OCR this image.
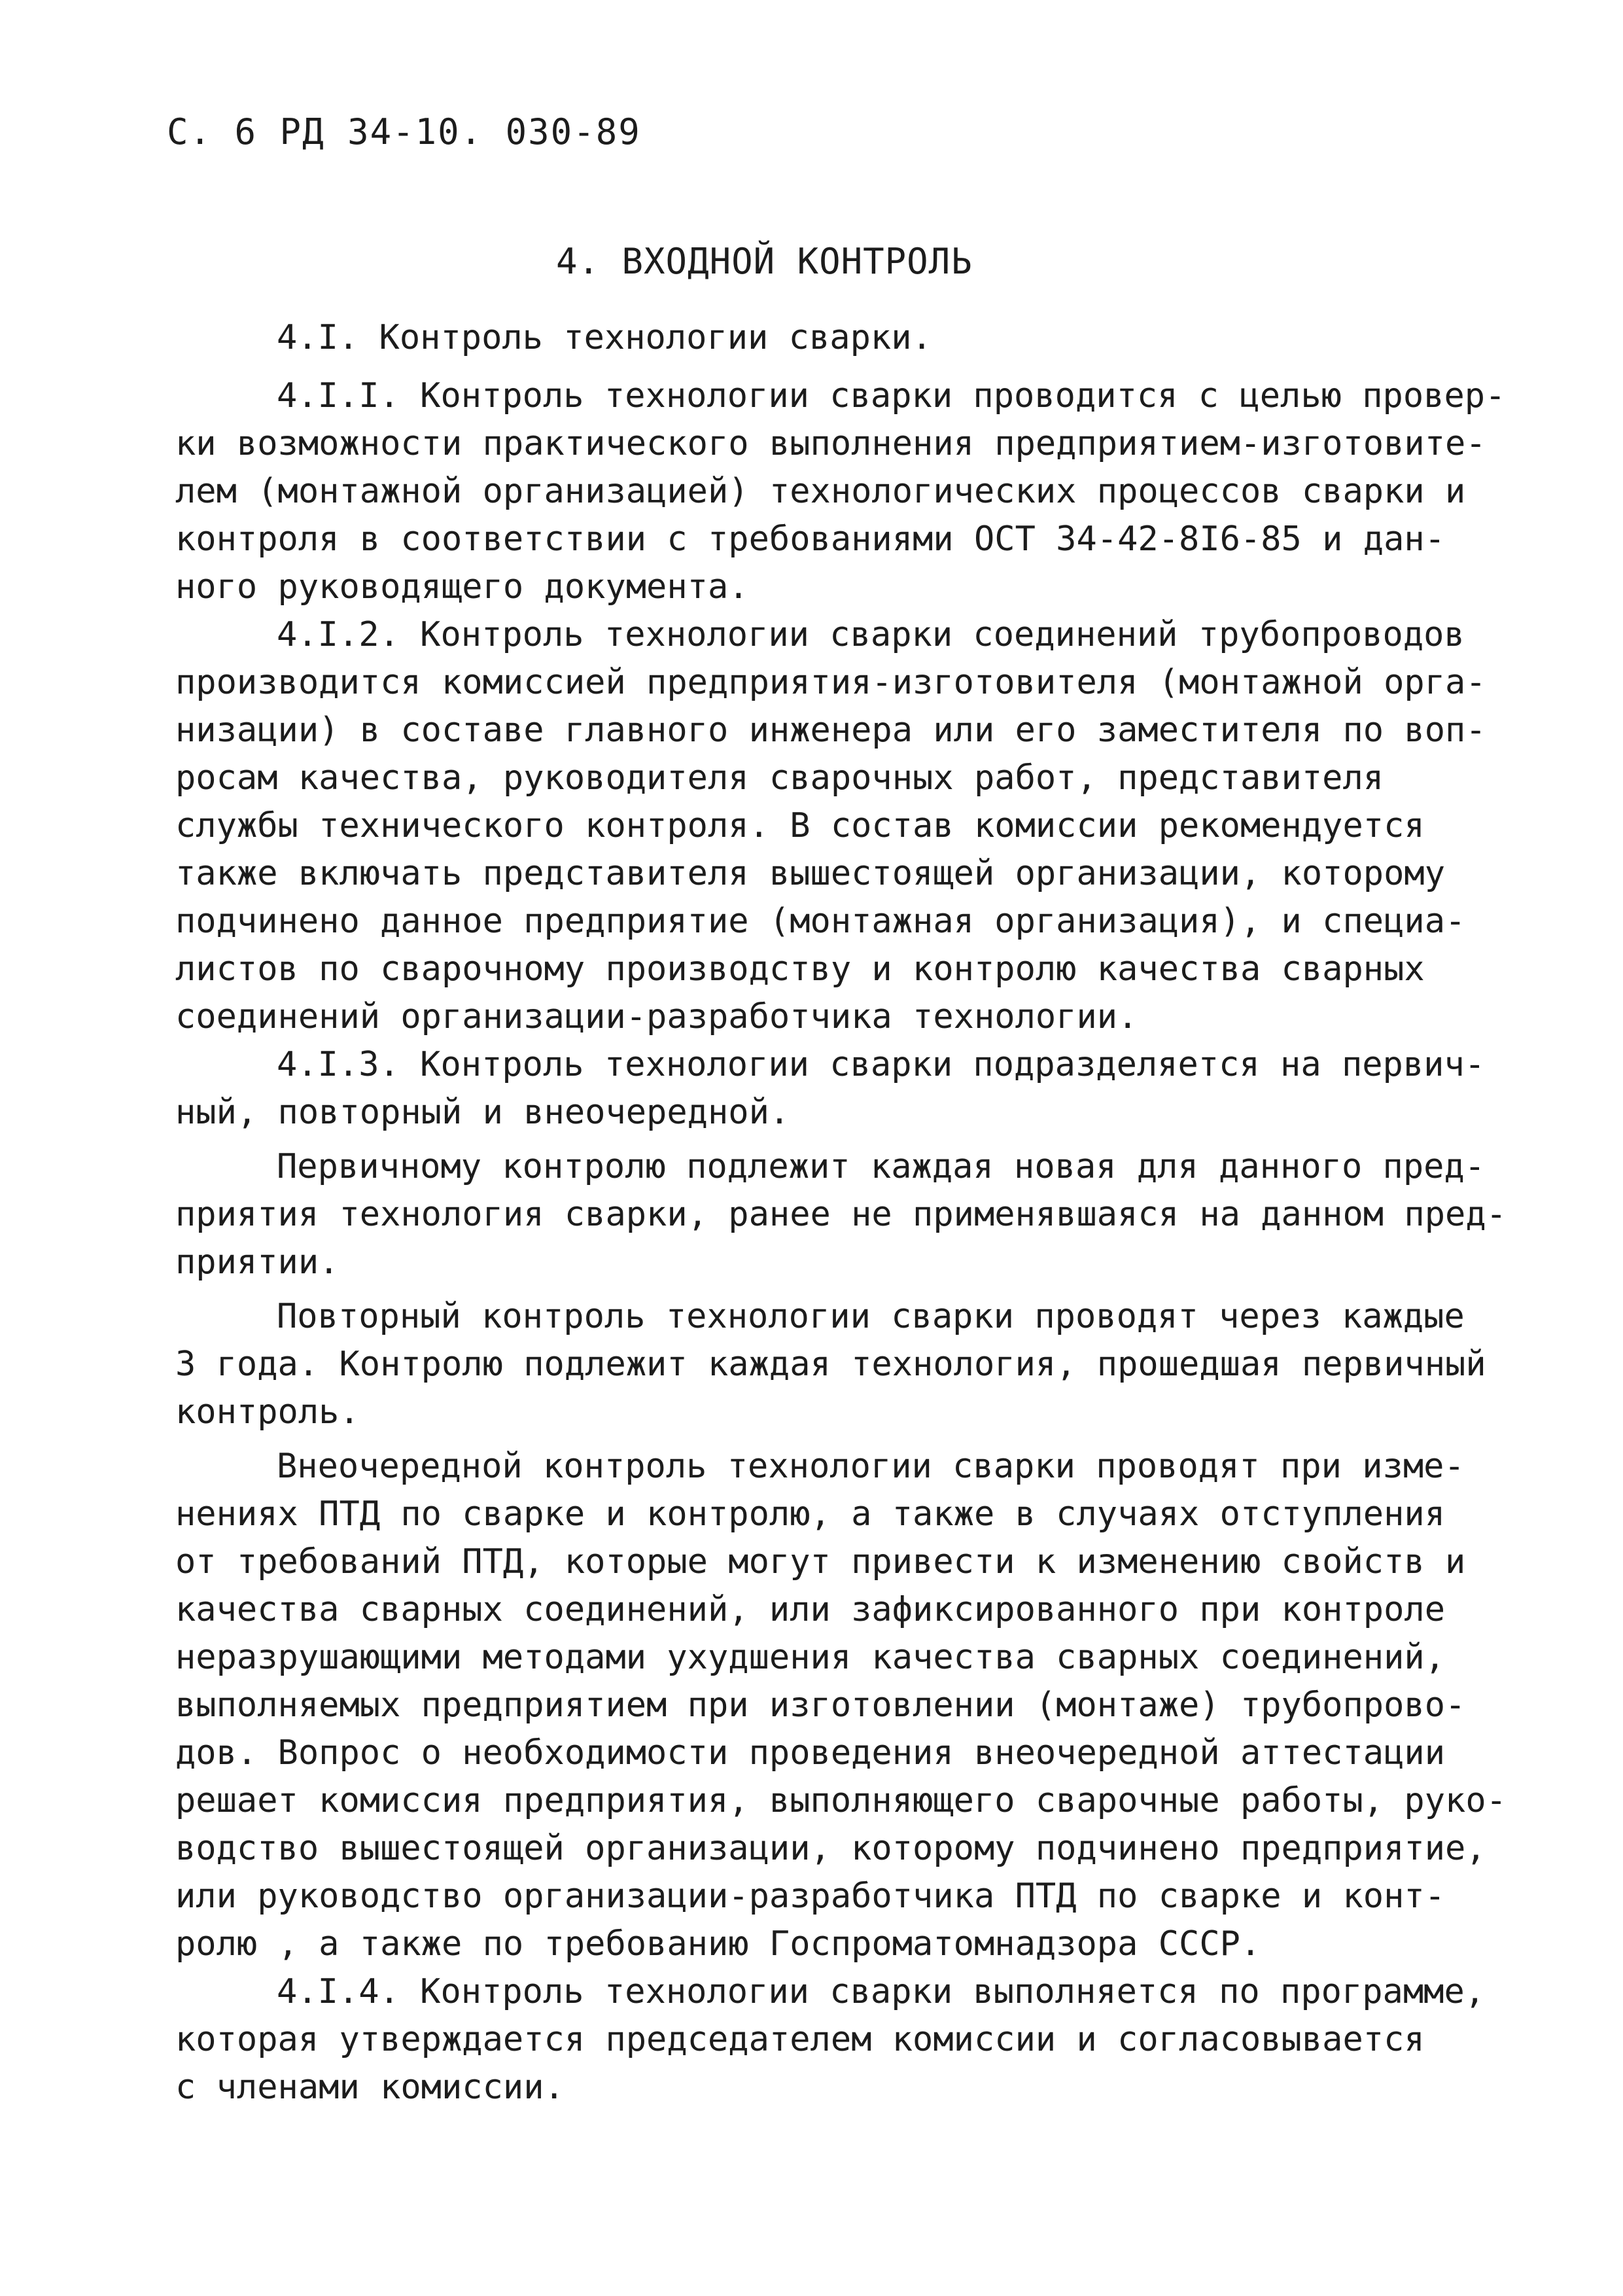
С. 6 РД 34-10. 030-89
4. ВХОДНОЙ КОНТРОЛЬ
4.I. Контроль технологии сварки.
4.I.I. Контроль технологии сварки проводится с целью провер-
ки возможности практического выполнения предприятием-изготовите-
лем (монтажной организацией) технологических процессов сварки и
контроля в соответствии с требованиями ОСТ 34-42-8I6-85 и дан-
ного руководящего документа.
4.I.2. Контроль технологии сварки соединений трубопроводов
производится комиссией предприятия-изготовителя (монтажной орга-
низации) в составе главного инженера или его заместителя по воп-
росам качества, руководителя сварочных работ, представителя
службы технического контроля. В состав комиссии рекомендуется
также включать представителя вышестоящей организации, которому
подчинено данное предприятие (монтажная организация), и специа-
листов по сварочному производству и контролю качества сварных
соединений организации-разработчика технологии.
4.I.3. Контроль технологии сварки подразделяется на первич-
ный, повторный и внеочередной.
Первичному контролю подлежит каждая новая для данного пред-
приятия технология сварки, ранее не применявшаяся на данном пред-
приятии.
Повторный контроль технологии сварки проводят через каждые
3 года. Контролю подлежит каждая технология, прошедшая первичный
контроль.
Внеочередной контроль технологии сварки проводят при изме-
нениях ПТД по сварке и контролю, а также в случаях отступления
от требований ПТД, которые могут привести к изменению свойств и
качества сварных соединений, или зафиксированного при контроле
неразрушающими методами ухудшения качества сварных соединений,
выполняемых предприятием при изготовлении (монтаже) трубопрово-
дов. Вопрос о необходимости проведения внеочередной аттестации
решает комиссия предприятия, выполняющего сварочные работы, руко-
водство вышестоящей организации, которому подчинено предприятие,
или руководство организации-разработчика ПТД по сварке и конт-
ролю , а также по требованию Госпроматомнадзора СССР.
4.I.4. Контроль технологии сварки выполняется по программе,
которая утверждается председателем комиссии и согласовывается
с членами комиссии.
